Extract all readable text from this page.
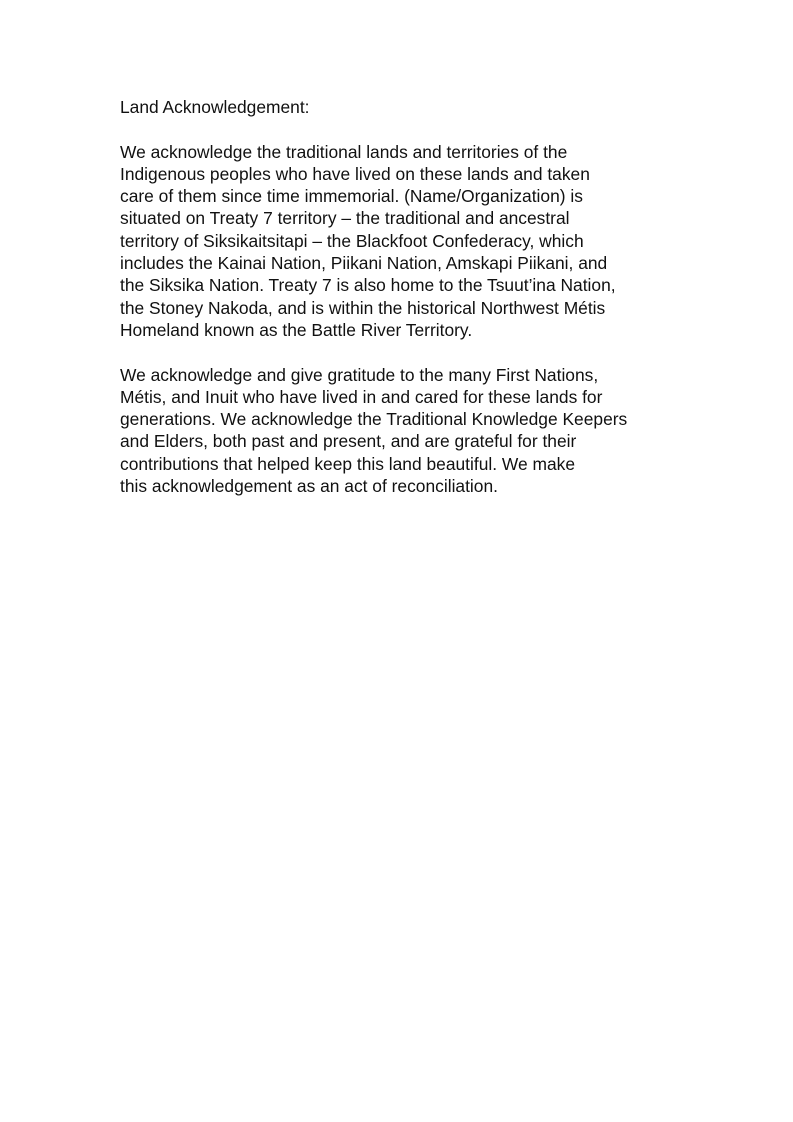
Land Acknowledgement:
We acknowledge the traditional lands and territories of the
Indigenous peoples who have lived on these lands and taken
care of them since time immemorial. (Name/Organization) is
situated on Treaty 7 territory – the traditional and ancestral
territory of Siksikaitsitapi – the Blackfoot Confederacy, which
includes the Kainai Nation, Piikani Nation, Amskapi Piikani, and
the Siksika Nation. Treaty 7 is also home to the Tsuut’ina Nation,
the Stoney Nakoda, and is within the historical Northwest Métis
Homeland known as the Battle River Territory.
We acknowledge and give gratitude to the many First Nations,
Métis, and Inuit who have lived in and cared for these lands for
generations. We acknowledge the Traditional Knowledge Keepers
and Elders, both past and present, and are grateful for their
contributions that helped keep this land beautiful. We make
this acknowledgement as an act of reconciliation.
